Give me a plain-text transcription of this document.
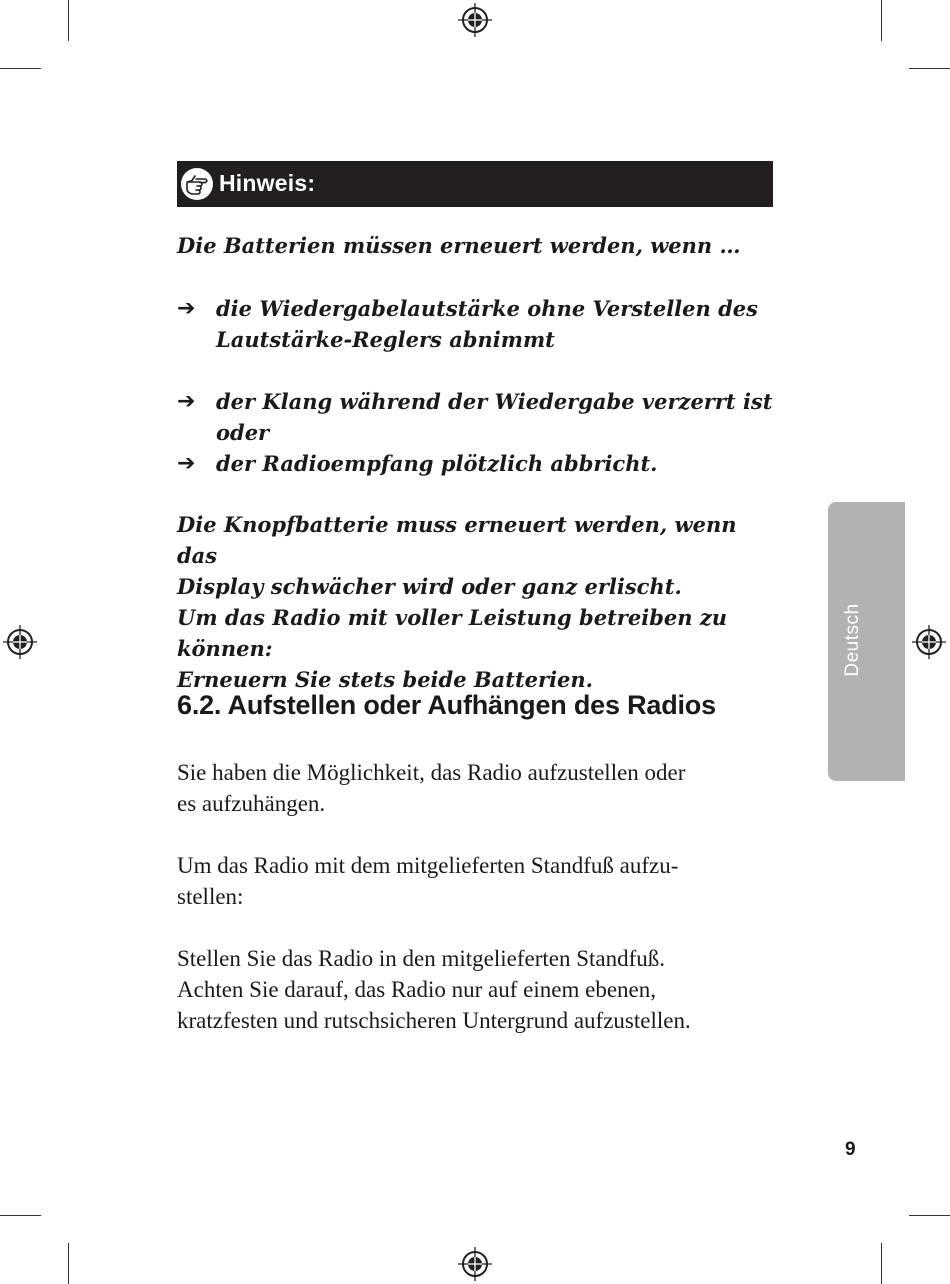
Hinweis:
Die Batterien müssen erneuert werden, wenn …
➔ die Wiedergabelautstärke ohne Verstellen des
Lautstärke-Reglers abnimmt
➔ der Klang während der Wiedergabe verzerrt ist oder
➔ der Radioempfang plötzlich abbricht.
Die Knopfbatterie muss erneuert werden, wenn das
Display schwächer wird oder ganz erlischt.
Um das Radio mit voller Leistung betreiben zu können:
Erneuern Sie stets beide Batterien.
6.2. Aufstellen oder Aufhängen des Radios
Sie haben die Möglichkeit, das Radio aufzustellen oder
es aufzuhängen.
Um das Radio mit dem mitgelieferten Standfuß aufzu-
stellen:
Stellen Sie das Radio in den mitgelieferten Standfuß.
Achten Sie darauf, das Radio nur auf einem ebenen,
kratzfesten und rutschsicheren Untergrund aufzustellen.
Deutsch
9
